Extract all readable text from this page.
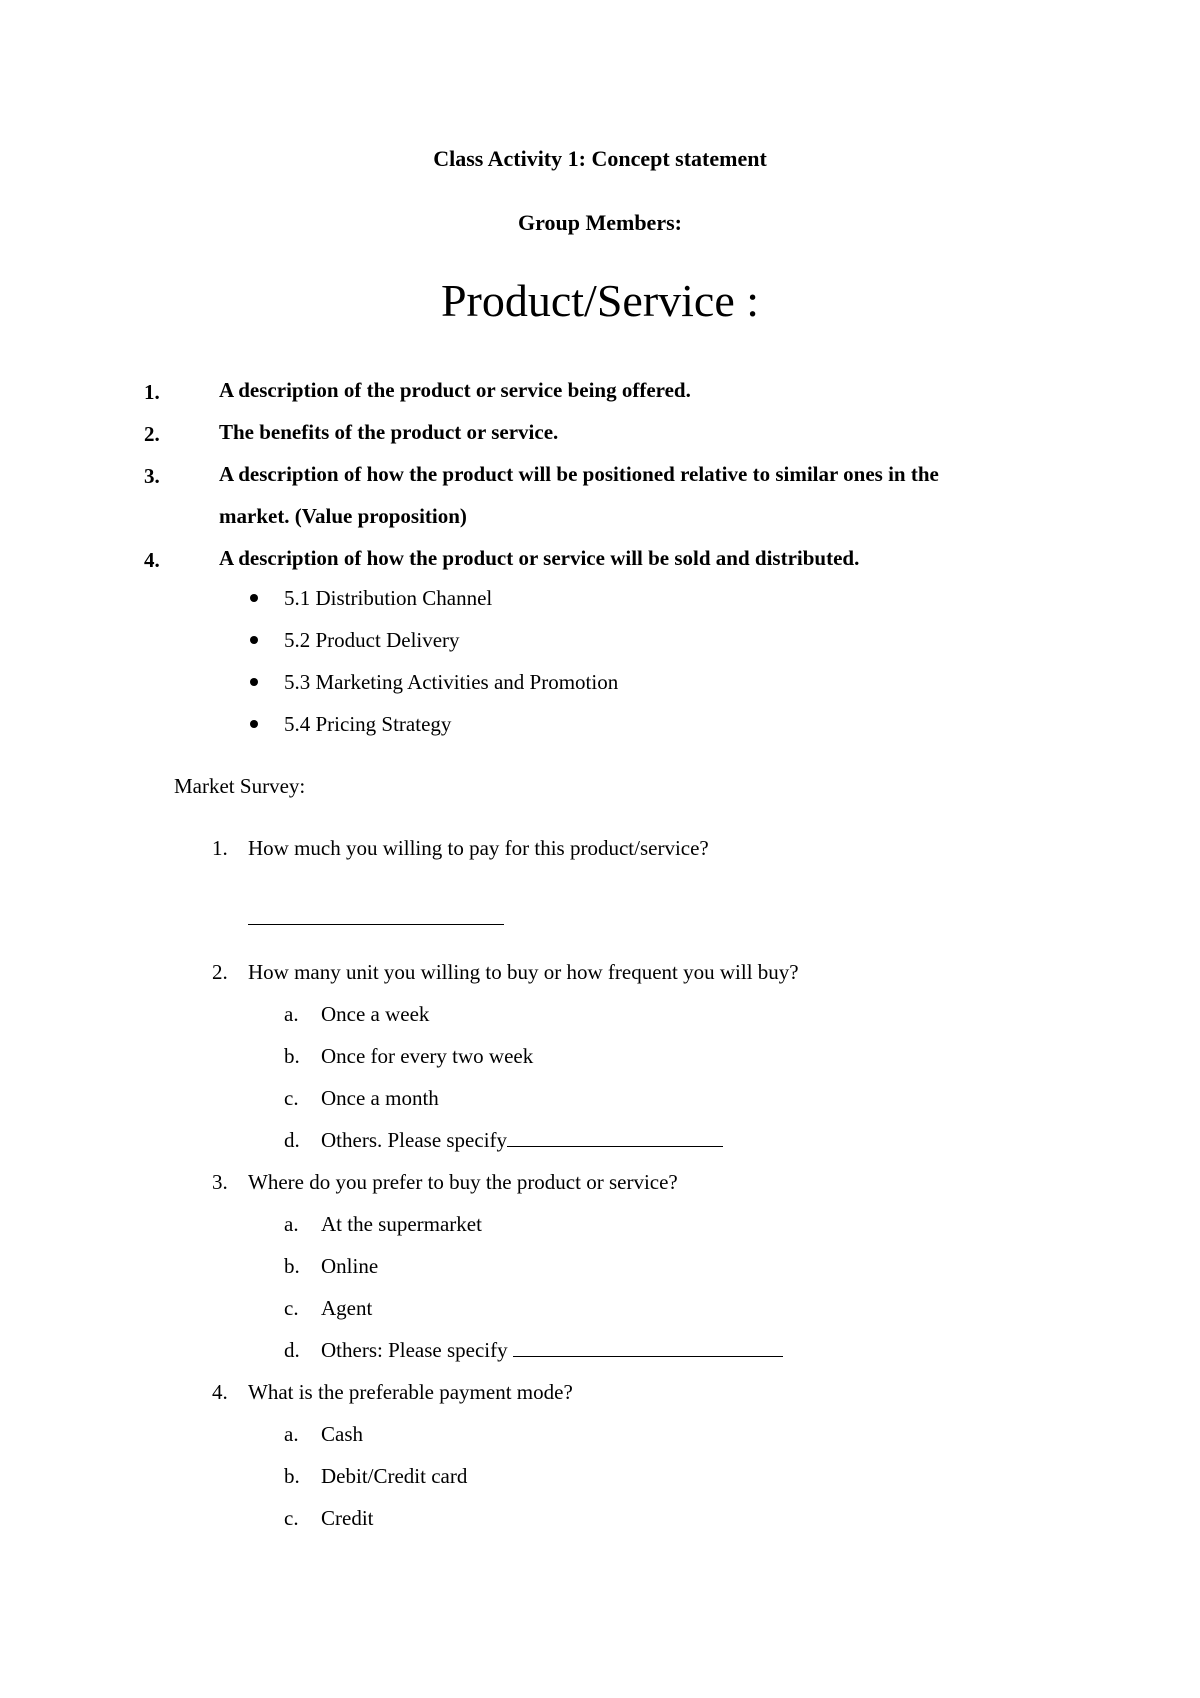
Class Activity 1: Concept statement
Group Members:
Product/Service :
1.	A description of the product or service being offered.
2.	The benefits of the product or service.
3.	A description of how the product will be positioned relative to similar ones in the
market. (Value proposition)
4.	A description of how the product or service will be sold and distributed.
5.1 Distribution Channel
5.2 Product Delivery
5.3 Marketing Activities and Promotion
5.4 Pricing Strategy
Market Survey:
1. How much you willing to pay for this product/service?
2. How many unit you willing to buy or how frequent you will buy?
a. Once a week
b. Once for every two week
c. Once a month
d. Others. Please specify
3. Where do you prefer to buy the product or service?
a. At the supermarket
b. Online
c. Agent
d. Others: Please specify
4. What is the preferable payment mode?
a. Cash
b. Debit/Credit card
c. Credit
